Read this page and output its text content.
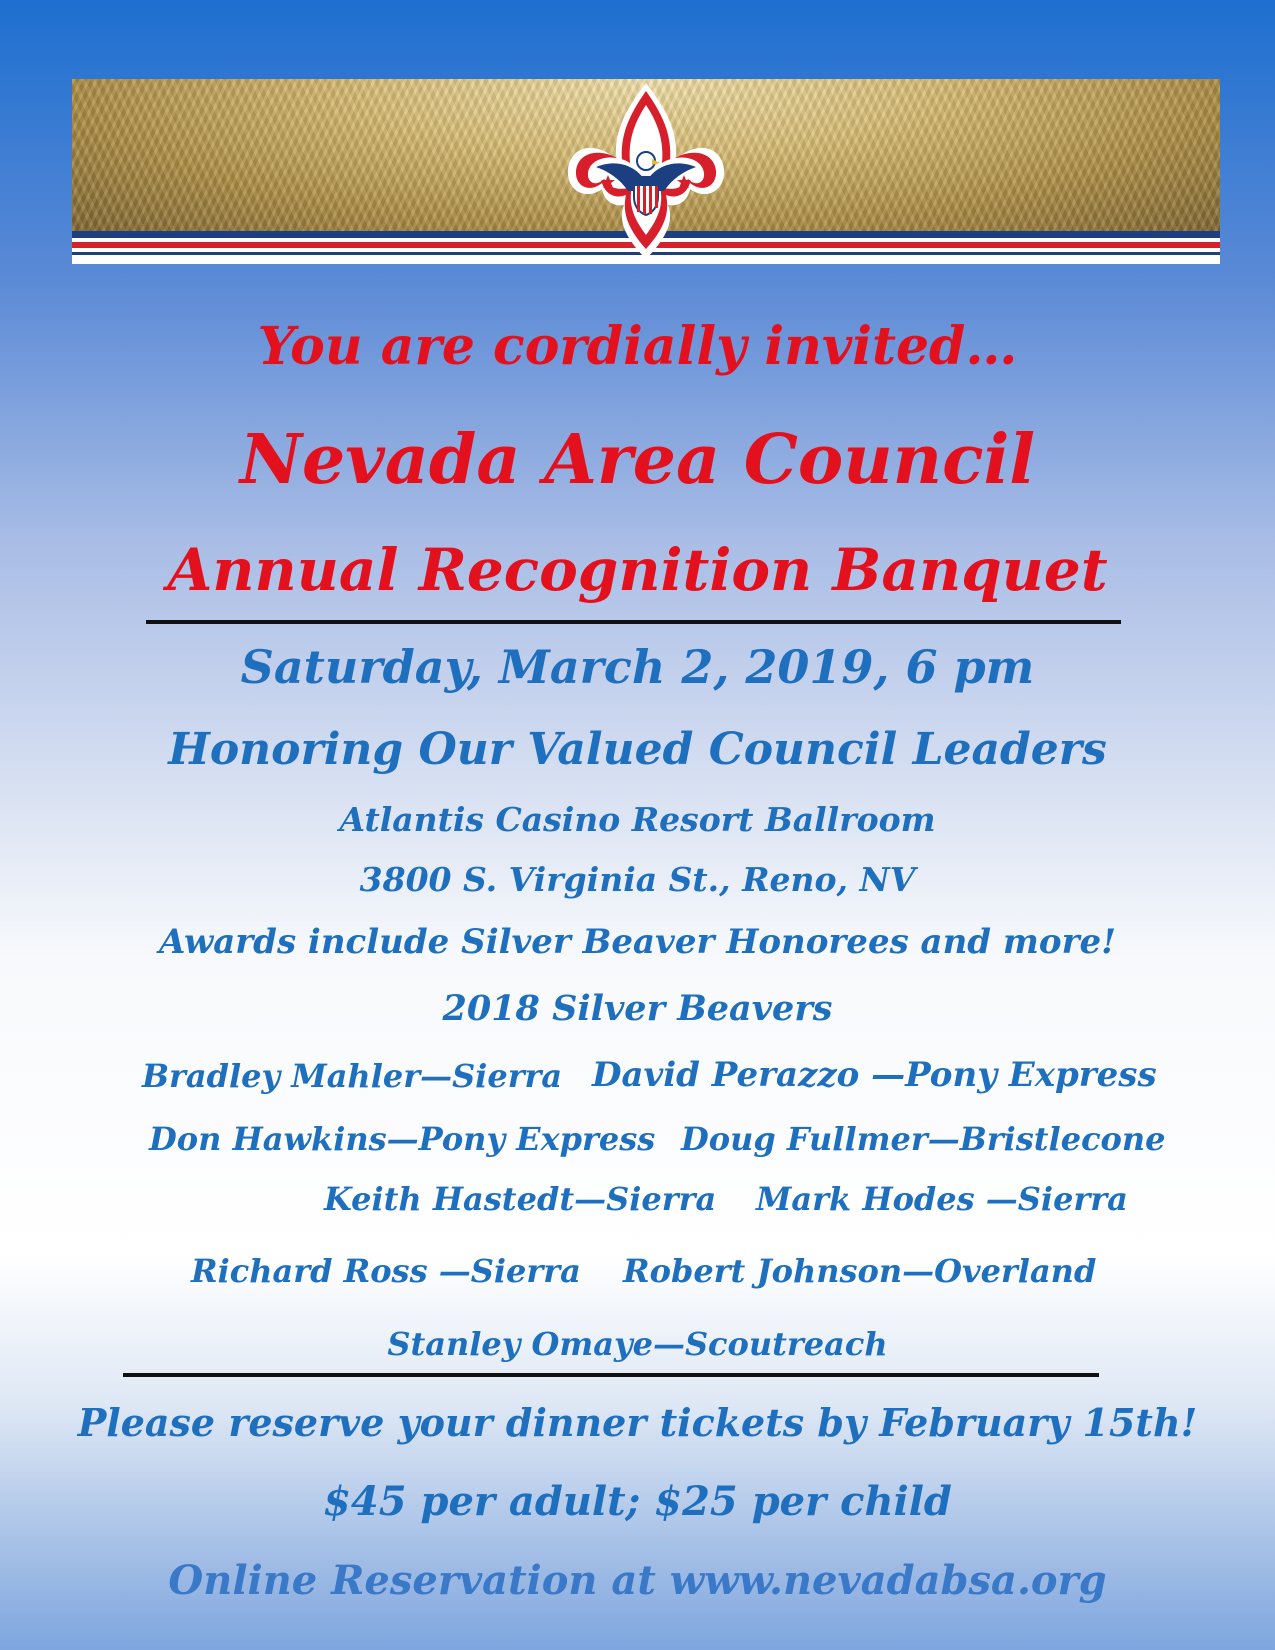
You are cordially invited…
Nevada Area Council
Annual Recognition Banquet
Saturday, March 2, 2019, 6 pm
Honoring Our Valued Council Leaders
Atlantis Casino Resort Ballroom
3800 S. Virginia St., Reno, NV
Awards include Silver Beaver Honorees and more!
2018 Silver Beavers
Bradley Mahler—Sierra David Perazzo —Pony Express
Don Hawkins—Pony Express Doug Fullmer—Bristlecone
Keith Hastedt—Sierra Mark Hodes —Sierra
Richard Ross —Sierra Robert Johnson—Overland
Stanley Omaye—Scoutreach
Please reserve your dinner tickets by February 15th!
$45 per adult; $25 per child
Online Reservation at www.nevadabsa.org
